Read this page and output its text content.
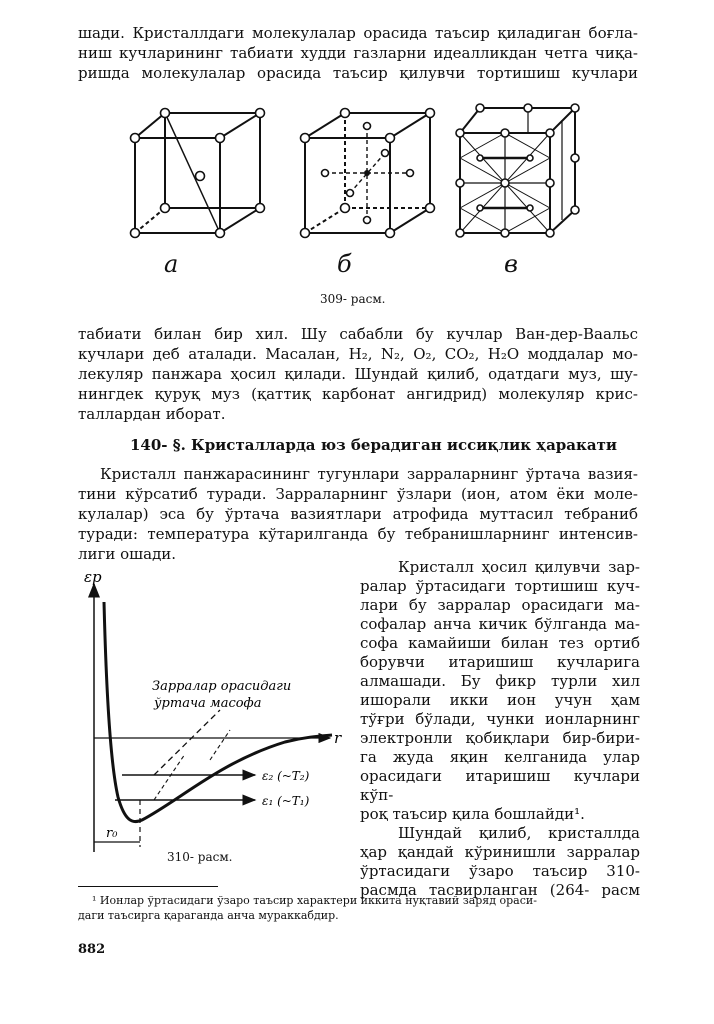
шади. Кристаллдаги молекулалар орасида таъсир қиладиган боғла-
ниш кучларининг табиати худди газларни идеалликдан четга чиқа-
ришда молекулалар орасида таъсир қилувчи тортишиш кучлари
а	б	в
309- расм.
табиати билан бир хил. Шу сабабли бу кучлар Ван-дер-Ваальс
кучлари деб аталади. Масалан, H₂, N₂, O₂, CO₂, H₂O моддалар мо-
лекуляр панжара ҳосил қилади. Шундай қилиб, одатдаги муз, шу-
нингдек қуруқ муз (қаттиқ карбонат ангидрид) молекуляр крис-
таллардан иборат.
140- §. Кристалларда юз берадиган иссиқлик ҳаракати
Кристалл панжарасининг тугунлари зарраларнинг ўртача вазия-
тини кўрсатиб туради. Зарраларнинг ўзлари (ион, атом ёки моле-
кулалар) эса бу ўртача вазиятлари атрофида муттасил тебраниб
туради: температура кўтарилганда бу тебранишларнинг интенсив-
лиги ошади.
εp
r
r₀
Зарралар орасидаги
ўртача масофа
ε₂ (~T₂)
ε₁ (~T₁)
310- расм.
Кристалл ҳосил қилувчи зар-
ралар ўртасидаги тортишиш куч-
лари бу зарралар орасидаги ма-
софалар анча кичик бўлганда ма-
софа камайиши билан тез ортиб
борувчи итаришиш кучларига
алмашади. Бу фикр турли хил
ишорали икки ион учун ҳам
тўғри бўлади, чунки ионларнинг
электронли қобиқлари бир-бири-
га жуда яқин келганида улар
орасидаги итаришиш кучлари кўп-
роқ таъсир қила бошлайди¹.
Шундай қилиб, кристаллда
ҳар қандай кўринишли зарралар
ўртасидаги ўзаро таъсир 310-
расмда тасвирланган (264- расм
¹ Ионлар ўртасидаги ўзаро таъсир характери иккита нуқтавий заряд ораси-
даги таъсирга қараганда анча мураккабдир.
882
